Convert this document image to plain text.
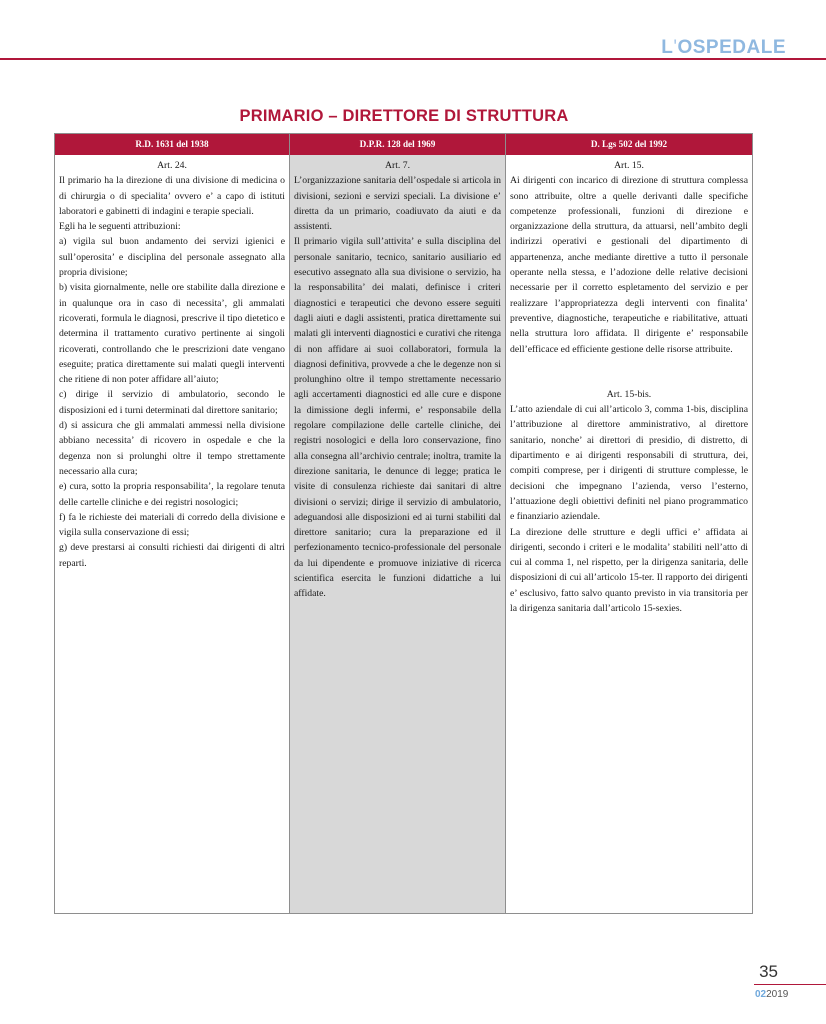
L'OSPEDALE
PRIMARIO – DIRETTORE DI STRUTTURA
R.D. 1631 del 1938

Art. 24.

Il primario ha la direzione di una divisione di medicina o di chirurgia o di specialita’ ovvero e’ a capo di istituti laboratori e gabinetti di indagini e terapie speciali.

Egli ha le seguenti attribuzioni:

a) vigila sul buon andamento dei servizi igienici e sull’operosita’ e disciplina del personale assegnato alla propria divisione;

b) visita giornalmente, nelle ore stabilite dalla direzione e in qualunque ora in caso di necessita’, gli ammalati ricoverati, formula le diagnosi, prescrive il tipo dietetico e determina il trattamento curativo pertinente ai singoli ricoverati, controllando che le prescrizioni date vengano eseguite; pratica direttamente sui malati quegli interventi che ritiene di non poter affidare all’aiuto;

c) dirige il servizio di ambulatorio, secondo le disposizioni ed i turni determinati dal direttore sanitario;

d) si assicura che gli ammalati ammessi nella divisione abbiano necessita’ di ricovero in ospedale e che la degenza non si prolunghi oltre il tempo strettamente necessario alla cura;

e) cura, sotto la propria responsabilita’, la regolare tenuta delle cartelle cliniche e dei registri nosologici;

f) fa le richieste dei materiali di corredo della divisione e vigila sulla conservazione di essi;

g) deve prestarsi ai consulti richiesti dai dirigenti di altri reparti.

D.P.R. 128 del 1969

Art. 7.

L’organizzazione sanitaria dell’ospedale si articola in divisioni, sezioni e servizi speciali. La divisione e’ diretta da un primario, coadiuvato da aiuti e da assistenti.

Il primario vigila sull’attivita’ e sulla disciplina del personale sanitario, tecnico, sanitario ausiliario ed esecutivo assegnato alla sua divisione o servizio, ha la responsabilita’ dei malati, definisce i criteri diagnostici e terapeutici che devono essere seguiti dagli aiuti e dagli assistenti, pratica direttamente sui malati gli interventi diagnostici e curativi che ritenga di non affidare ai suoi collaboratori, formula la diagnosi definitiva, provvede a che le degenze non si prolunghino oltre il tempo strettamente necessario agli accertamenti diagnostici ed alle cure e dispone la dimissione degli infermi, e’ responsabile della regolare compilazione delle cartelle cliniche, dei registri nosologici e della loro conservazione, fino alla consegna all’archivio centrale; inoltra, tramite la direzione sanitaria, le denunce di legge; pratica le visite di consulenza richieste dai sanitari di altre divisioni o servizi; dirige il servizio di ambulatorio, adeguandosi alle disposizioni ed ai turni stabiliti dal direttore sanitario; cura la preparazione ed il perfezionamento tecnico-professionale del personale da lui dipendente e promuove iniziative di ricerca scientifica esercita le funzioni didattiche a lui affidate.

D. Lgs 502 del 1992

Art. 15.

Ai dirigenti con incarico di direzione di struttura complessa sono attribuite, oltre a quelle derivanti dalle specifiche competenze professionali, funzioni di direzione e organizzazione della struttura, da attuarsi, nell’ambito degli indirizzi operativi e gestionali del dipartimento di appartenenza, anche mediante direttive a tutto il personale operante nella stessa, e l’adozione delle relative decisioni necessarie per il corretto espletamento del servizio e per realizzare l’appropriatezza degli interventi con finalita’ preventive, diagnostiche, terapeutiche e riabilitative, attuati nella struttura loro affidata. Il dirigente e’ responsabile dell’efficace ed efficiente gestione delle risorse attribuite.

Art. 15-bis.

L’atto aziendale di cui all’articolo 3, comma 1-bis, disciplina l’attribuzione al direttore amministrativo, al direttore sanitario, nonche’ ai direttori di presidio, di distretto, di dipartimento e ai dirigenti responsabili di struttura, dei, compiti comprese, per i dirigenti di strutture complesse, le decisioni che impegnano l’azienda, verso l’esterno, l’attuazione degli obiettivi definiti nel piano programmatico e finanziario aziendale.

La direzione delle strutture e degli uffici e’ affidata ai dirigenti, secondo i criteri e le modalita’ stabiliti nell’atto di cui al comma 1, nel rispetto, per la dirigenza sanitaria, delle disposizioni di cui all’articolo 15-ter. Il rapporto dei dirigenti e’ esclusivo, fatto salvo quanto previsto in via transitoria per la dirigenza sanitaria dall’articolo 15-sexies.

35
022019
